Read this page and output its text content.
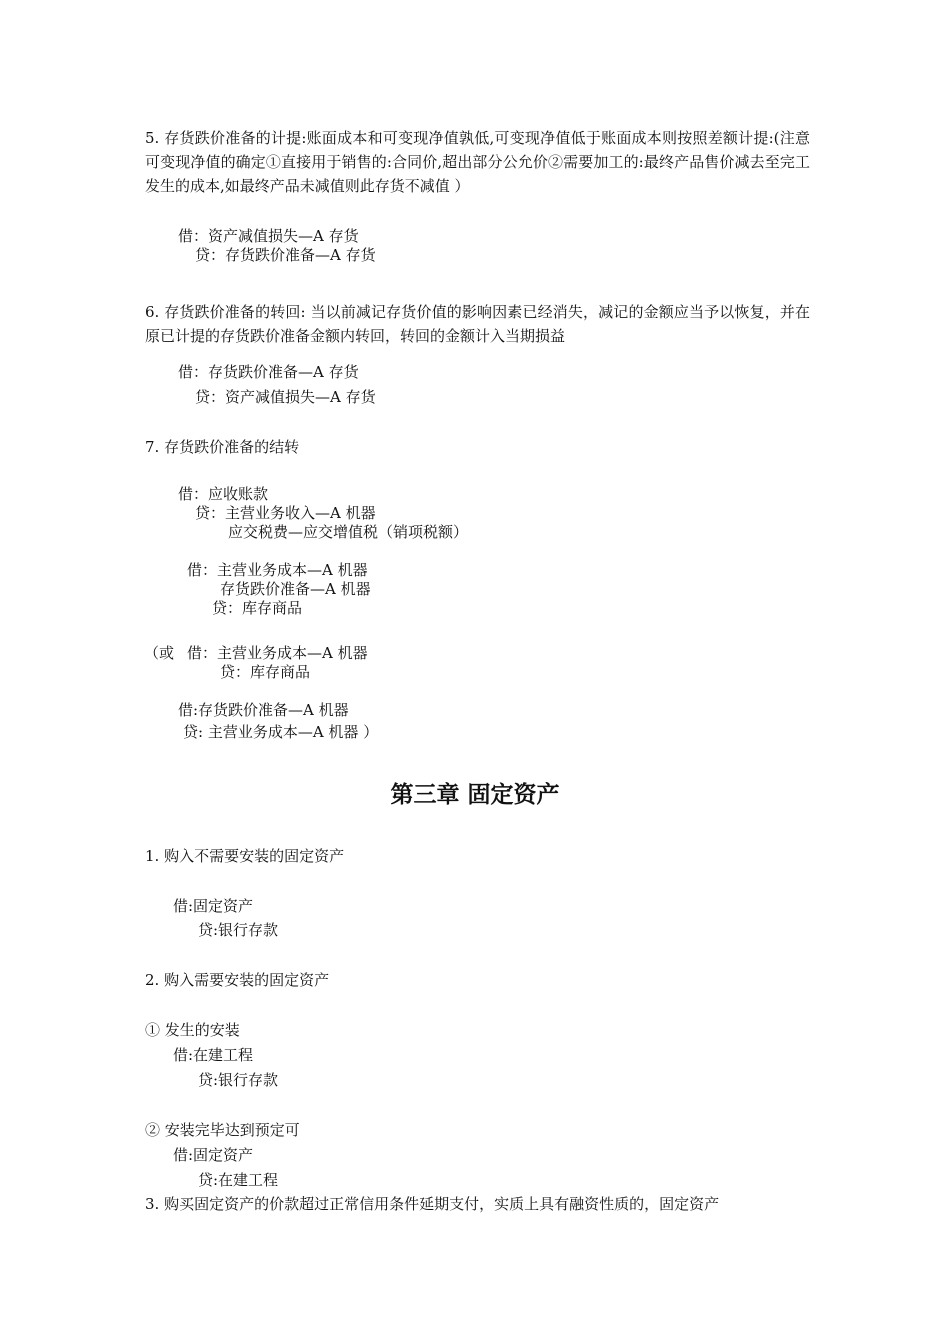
5. 存货跌价准备的计提:账面成本和可变现净值孰低,可变现净值低于账面成本则按照差额计提:(注意可变现净值的确定①直接用于销售的:合同价,超出部分公允价②需要加工的:最终产品售价减去至完工发生的成本,如最终产品未减值则此存货不减值 ）
借：资产减值损失—A 存货
贷：存货跌价准备—A 存货
6. 存货跌价准备的转回: 当以前减记存货价值的影响因素已经消失，减记的金额应当予以恢复，并在原已计提的存货跌价准备金额内转回，转回的金额计入当期损益
借：存货跌价准备—A 存货
贷：资产减值损失—A 存货
7. 存货跌价准备的结转
借：应收账款
贷：主营业务收入—A 机器
应交税费—应交增值税（销项税额）
借：主营业务成本—A 机器
存货跌价准备—A 机器
贷：库存商品
（或 借：主营业务成本—A 机器
贷：库存商品
借:存货跌价准备—A 机器
贷: 主营业务成本—A 机器 ）
第三章 固定资产
1. 购入不需要安装的固定资产
借:固定资产
贷:银行存款
2. 购入需要安装的固定资产
① 发生的安装
借:在建工程
贷:银行存款
② 安装完毕达到预定可
借:固定资产
贷:在建工程
3. 购买固定资产的价款超过正常信用条件延期支付，实质上具有融资性质的，固定资产
